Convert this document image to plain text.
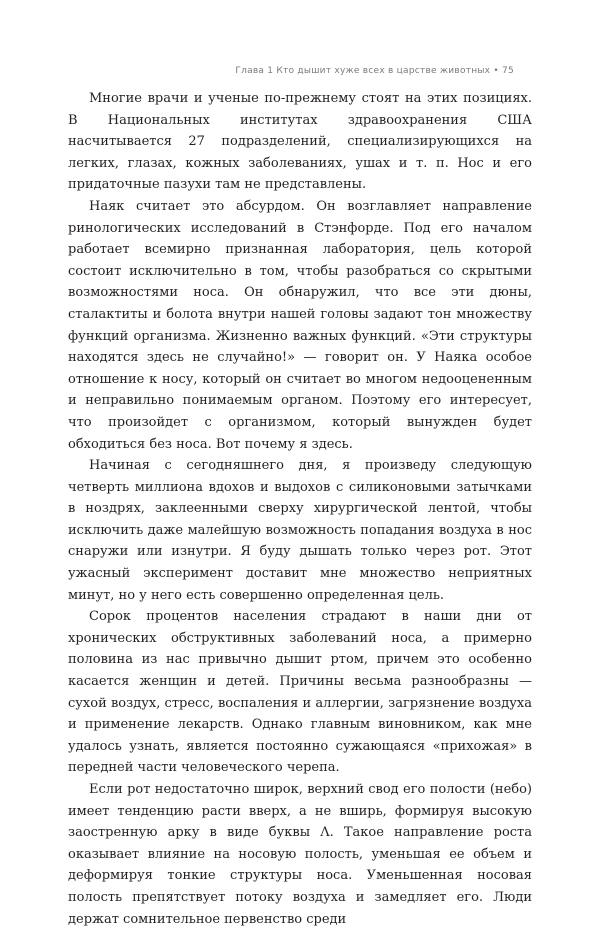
Глава 1 Кто дышит хуже всех в царстве животных • 75

Многие врачи и ученые по-прежнему стоят на этих позициях. В Национальных институтах здравоохранения США насчитывается 27 подразделений, специализирующихся на легких, глазах, кожных заболеваниях, ушах и т. п. Нос и его придаточные пазухи там не представлены.

Наяк считает это абсурдом. Он возглавляет направление ринологических исследований в Стэнфорде. Под его началом работает всемирно признанная лаборатория, цель которой состоит исключительно в том, чтобы разобраться со скрытыми возможностями носа. Он обнаружил, что все эти дюны, сталактиты и болота внутри нашей головы задают тон множеству функций организма. Жизненно важных функций. «Эти структуры находятся здесь не случайно!» — говорит он. У Наяка особое отношение к носу, который он считает во многом недооцененным и неправильно понимаемым органом. Поэтому его интересует, что произойдет с организмом, который вынужден будет обходиться без носа. Вот почему я здесь.

Начиная с сегодняшнего дня, я произведу следующую четверть миллиона вдохов и выдохов с силиконовыми затычками в ноздрях, заклеенными сверху хирургической лентой, чтобы исключить даже малейшую возможность попадания воздуха в нос снаружи или изнутри. Я буду дышать только через рот. Этот ужасный эксперимент доставит мне множество неприятных минут, но у него есть совершенно определенная цель.

Сорок процентов населения страдают в наши дни от хронических обструктивных заболеваний носа, а примерно половина из нас привычно дышит ртом, причем это особенно касается женщин и детей. Причины весьма разнообразны — сухой воздух, стресс, воспаления и аллергии, загрязнение воздуха и применение лекарств. Однако главным виновником, как мне удалось узнать, является постоянно сужающаяся «прихожая» в передней части человеческого черепа.

Если рот недостаточно широк, верхний свод его полости (небо) имеет тенденцию расти вверх, а не вширь, формируя высокую заостренную арку в виде буквы Λ. Такое направление роста оказывает влияние на носовую полость, уменьшая ее объем и деформируя тонкие структуры носа. Уменьшенная носовая полость препятствует потоку воздуха и замедляет его. Люди держат сомнительное первенство среди
